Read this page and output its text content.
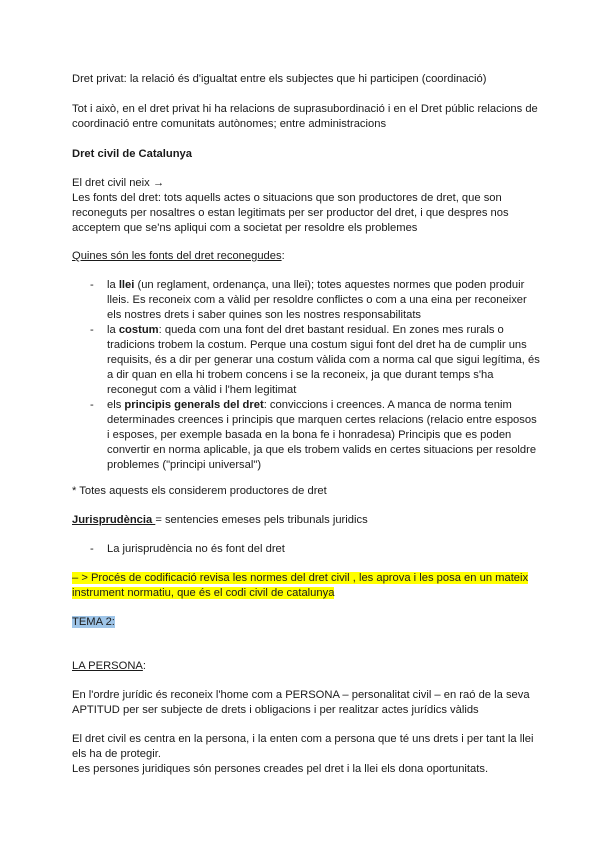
Dret privat: la relació és d'igualtat entre els subjectes que hi participen (coordinació)

Tot i això, en el dret privat hi ha relacions de suprasubordinació i en el Dret públic relacions de coordinació entre comunitats autònomes; entre administracions

Dret civil de Catalunya

El dret civil neix →

Les fonts del dret: tots aquells actes o situacions que son productores de dret, que son reconeguts per nosaltres o estan legitimats per ser productor del dret, i que despres nos acceptem que se'ns apliqui com a societat per resoldre els problemes

Quines són les fonts del dret reconegudes:

- la llei (un reglament, ordenança, una llei); totes aquestes normes que poden produir lleis. Es reconeix com a vàlid per resoldre conflictes o com a una eina per reconeixer els nostres drets i saber quines son les nostres responsabilitats
- la costum: queda com una font del dret bastant residual. En zones mes rurals o tradicions trobem la costum. Perque una costum sigui font del dret ha de cumplir uns requisits, és a dir per generar una costum vàlida com a norma cal que sigui legítima, és a dir quan en ella hi trobem concens i se la reconeix, ja que durant temps s'ha reconegut com a vàlid i l'hem legitimat
- els principis generals del dret: conviccions i creences. A manca de norma tenim determinades creences i principis que marquen certes relacions (relacio entre esposos i esposes, per exemple basada en la bona fe i honradesa) Principis que es poden convertir en norma aplicable, ja que els trobem valids en certes situacions per resoldre problemes ("principi universal")

* Totes aquests els considerem productores de dret

Jurisprudència = sentencies emeses pels tribunals juridics

- La jurisprudència no és font del dret

– > Procés de codificació revisa les normes del dret civil , les aprova i les posa en un mateix instrument normatiu, que és el codi civil de catalunya

TEMA 2:

LA PERSONA:

En l'ordre jurídic és reconeix l'home com a PERSONA – personalitat civil – en raó de la seva APTITUD per ser subjecte de drets i obligacions i per realitzar actes jurídics vàlids

El dret civil es centra en la persona, i la enten com a persona que té uns drets i per tant la llei els ha de protegir.

Les persones juridiques són persones creades pel dret i la llei els dona oportunitats.
